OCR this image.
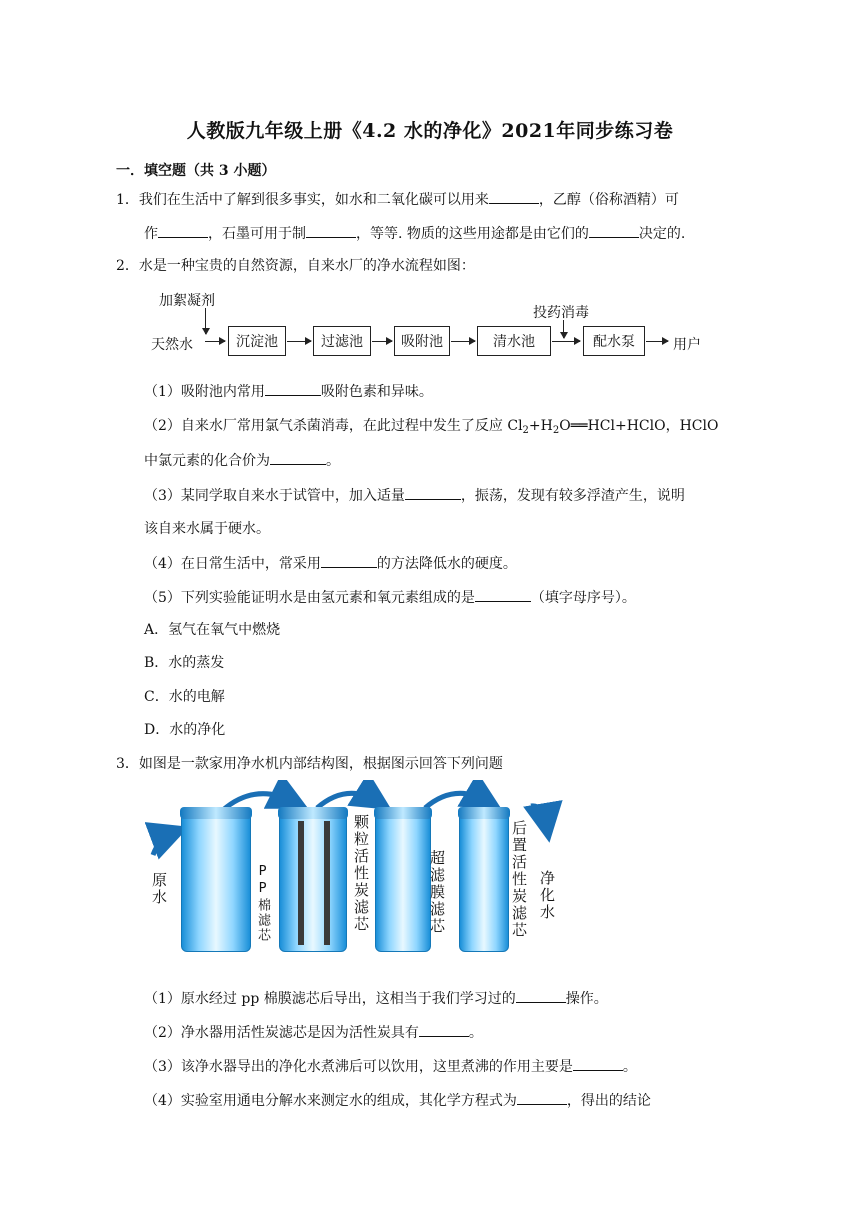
人教版九年级上册《4.2 水的净化》2021年同步练习卷
一．填空题（共 3 小题）
1．我们在生活中了解到很多事实，如水和二氧化碳可以用来	，乙醇（俗称酒精）可
作	，石墨可用于制	，等等. 物质的这些用途都是由它们的	决定的.
2．水是一种宝贵的自然资源，自来水厂的净水流程如图：
加絮凝剂
天然水	沉淀池	过滤池	吸附池	清水池
投药消毒
配水泵	用户
（1）吸附池内常用	吸附色素和异味。
（2）自来水厂常用氯气杀菌消毒，在此过程中发生了反应 $Cl_2+H_2O══HCl+HClO$，HClO
中氯元素的化合价为	。
（3）某同学取自来水于试管中，加入适量	，振荡，发现有较多浮渣产生，说明
该自来水属于硬水。
（4）在日常生活中，常采用	的方法降低水的硬度。
（5）下列实验能证明水是由氢元素和氧元素组成的是	（填字母序号）。
A．氢气在氧气中燃烧
B．水的蒸发
C．水的电解
D．水的净化
3．如图是一款家用净水机内部结构图，根据图示回答下列问题
原水	PP棉滤芯	颗粒活性炭滤芯	超滤膜滤芯	后置活性炭滤芯 净化水
（1）原水经过 pp 棉膜滤芯后导出，这相当于我们学习过的	操作。
（2）净水器用活性炭滤芯是因为活性炭具有	。
（3）该净水器导出的净化水煮沸后可以饮用，这里煮沸的作用主要是	。
（4）实验室用通电分解水来测定水的组成，其化学方程式为	，得出的结论
